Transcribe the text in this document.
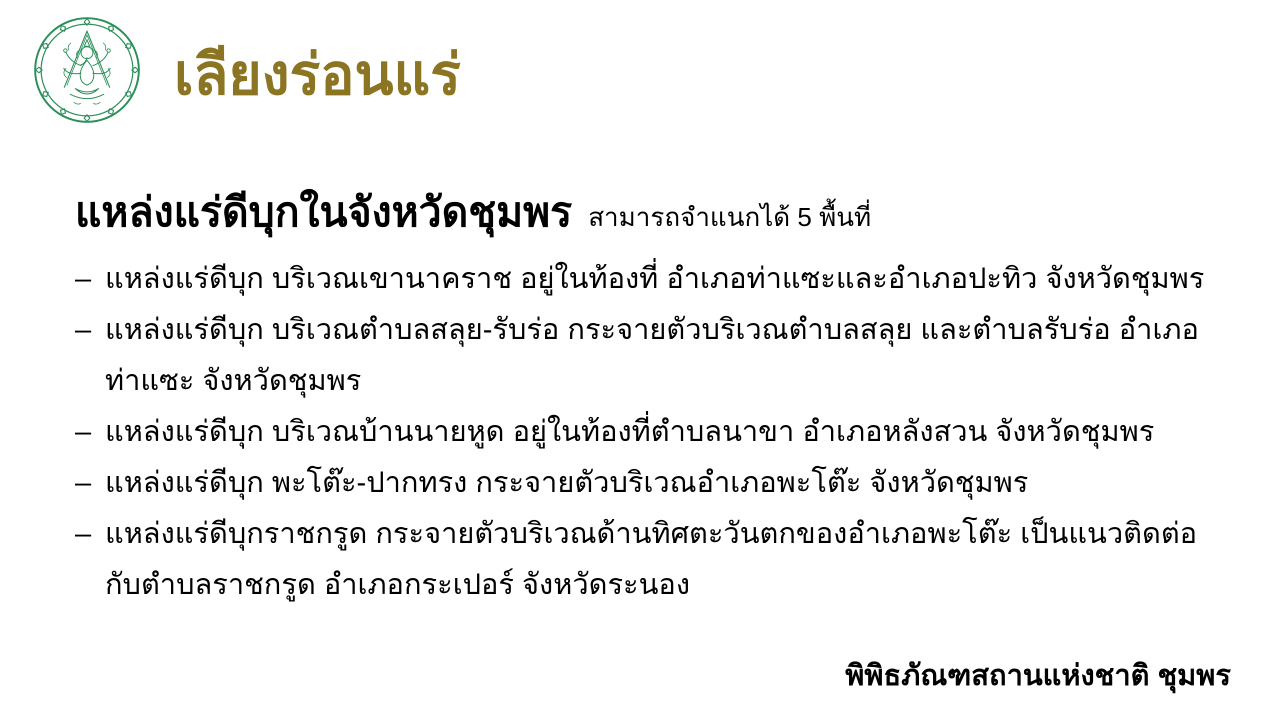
เลียงร่อนแร่
แหล่งแร่ดีบุกในจังหวัดชุมพร สามารถจำแนกได้ 5 พื้นที่
– แหล่งแร่ดีบุก บริเวณเขานาคราช อยู่ในท้องที่ อำเภอท่าแซะและอำเภอปะทิว จังหวัดชุมพร
– แหล่งแร่ดีบุก บริเวณตำบลสลุย-รับร่อ กระจายตัวบริเวณตำบลสลุย และตำบลรับร่อ อำเภอท่าแซะ จังหวัดชุมพร
– แหล่งแร่ดีบุก บริเวณบ้านนายหูด อยู่ในท้องที่ตำบลนาขา อำเภอหลังสวน จังหวัดชุมพร
– แหล่งแร่ดีบุก พะโต๊ะ-ปากทรง กระจายตัวบริเวณอำเภอพะโต๊ะ จังหวัดชุมพร
– แหล่งแร่ดีบุกราชกรูด กระจายตัวบริเวณด้านทิศตะวันตกของอำเภอพะโต๊ะ เป็นแนวติดต่อกับตำบลราชกรูด อำเภอกระเปอร์ จังหวัดระนอง
พิพิธภัณฑสถานแห่งชาติ ชุมพร
